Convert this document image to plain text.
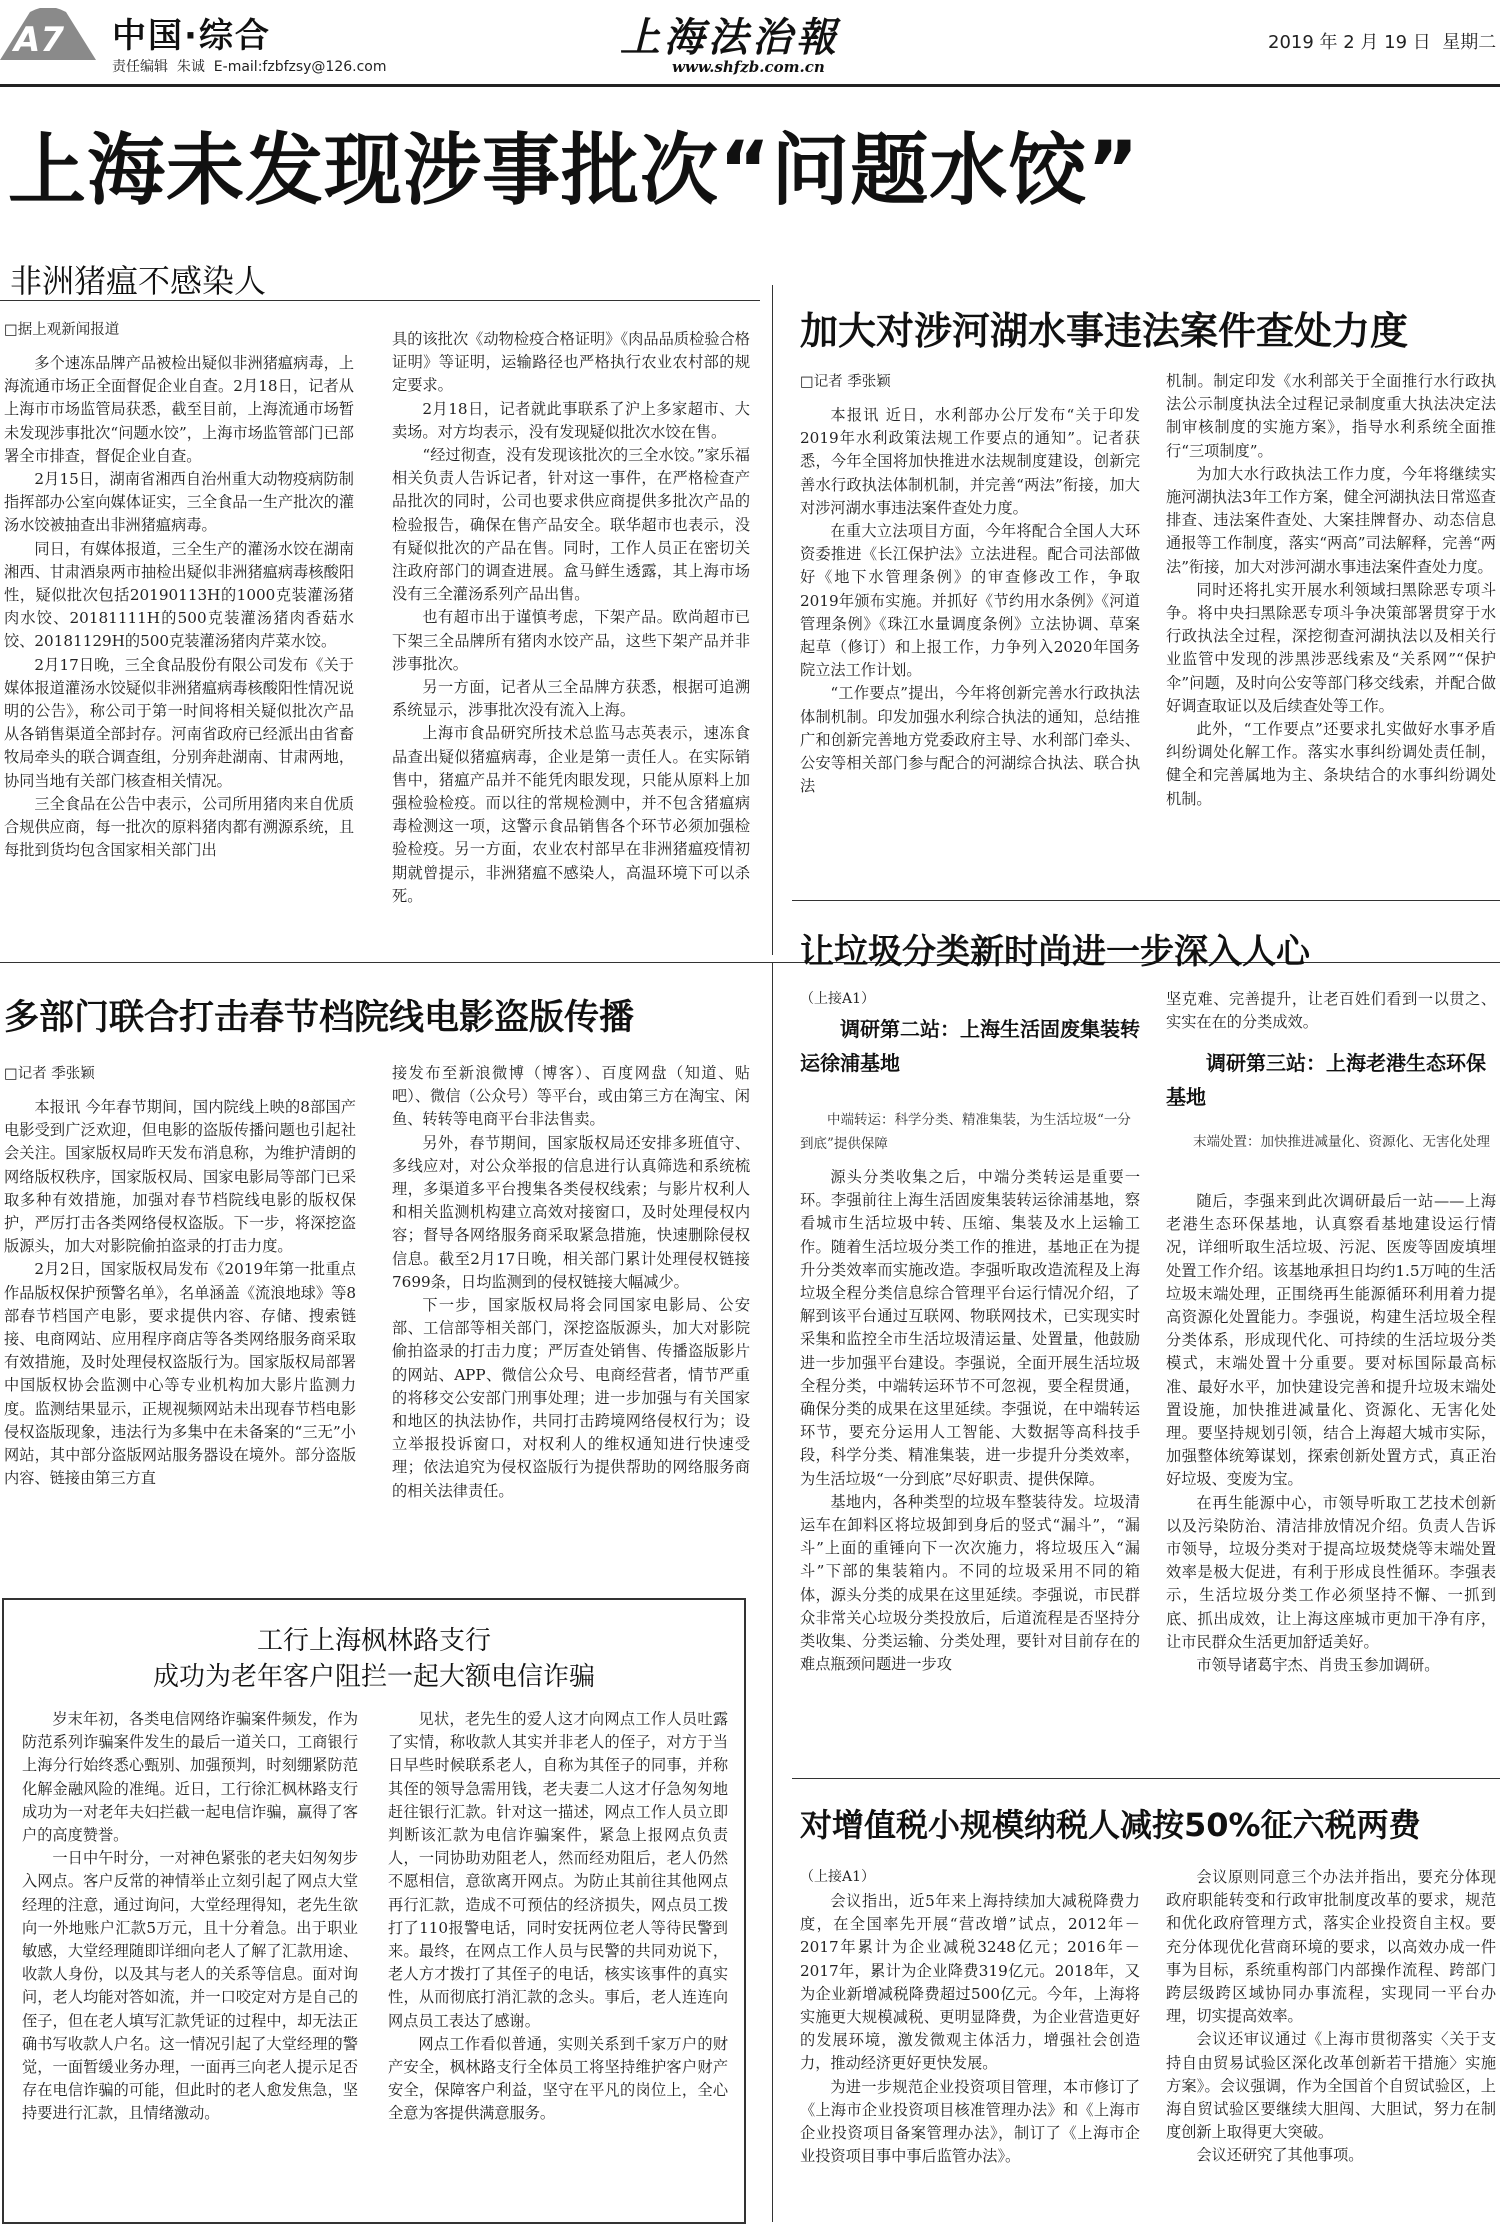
A7 中国·综合
责任编辑  朱诚  E-mail:fzbfzsy@126.com
上海法治報
www.shfzb.com.cn
2019 年 2 月 19 日  星期二
上海未发现涉事批次“问题水饺”
非洲猪瘟不感染人
□据上观新闻报道

多个速冻品牌产品被检出疑似非洲猪瘟病毒，上海流通市场正全面督促企业自查。2月18日，记者从上海市市场监管局获悉，截至目前，上海流通市场暂未发现涉事批次“问题水饺”，上海市场监管部门已部署全市排查，督促企业自查。

2月15日，湖南省湘西自治州重大动物疫病防制指挥部办公室向媒体证实，三全食品一生产批次的灌汤水饺被抽查出非洲猪瘟病毒。

同日，有媒体报道，三全生产的灌汤水饺在湖南湘西、甘肃酒泉两市抽检出疑似非洲猪瘟病毒核酸阳性，疑似批次包括20190113H的1000克装灌汤猪肉水饺、20181111H的500克装灌汤猪肉香菇水饺、20181129H的500克装灌汤猪肉芹菜水饺。

2月17日晚，三全食品股份有限公司发布《关于媒体报道灌汤水饺疑似非洲猪瘟病毒核酸阳性情况说明的公告》，称公司于第一时间将相关疑似批次产品从各销售渠道全部封存。河南省政府已经派出由省畜牧局牵头的联合调查组，分别奔赴湖南、甘肃两地，协同当地有关部门核查相关情况。

三全食品在公告中表示，公司所用猪肉来自优质合规供应商，每一批次的原料猪肉都有溯源系统，且每批到货均包含国家相关部门出

具的该批次《动物检疫合格证明》《肉品品质检验合格证明》等证明，运输路径也严格执行农业农村部的规定要求。

2月18日，记者就此事联系了沪上多家超市、大卖场。对方均表示，没有发现疑似批次水饺在售。

“经过彻查，没有发现该批次的三全水饺。”家乐福相关负责人告诉记者，针对这一事件，在严格检查产品批次的同时，公司也要求供应商提供多批次产品的检验报告，确保在售产品安全。联华超市也表示，没有疑似批次的产品在售。同时，工作人员正在密切关注政府部门的调查进展。盒马鲜生透露，其上海市场没有三全灌汤系列产品出售。

也有超市出于谨慎考虑，下架产品。欧尚超市已下架三全品牌所有猪肉水饺产品，这些下架产品并非涉事批次。

另一方面，记者从三全品牌方获悉，根据可追溯系统显示，涉事批次没有流入上海。

上海市食品研究所技术总监马志英表示，速冻食品查出疑似猪瘟病毒，企业是第一责任人。在实际销售中，猪瘟产品并不能凭肉眼发现，只能从原料上加强检验检疫。而以往的常规检测中，并不包含猪瘟病毒检测这一项，这警示食品销售各个环节必须加强检验检疫。另一方面，农业农村部早在非洲猪瘟疫情初期就曾提示，非洲猪瘟不感染人，高温环境下可以杀死。

加大对涉河湖水事违法案件查处力度
□记者 季张颖

本报讯 近日，水利部办公厅发布“关于印发2019年水利政策法规工作要点的通知”。记者获悉，今年全国将加快推进水法规制度建设，创新完善水行政执法体制机制，并完善“两法”衔接，加大对涉河湖水事违法案件查处力度。

在重大立法项目方面，今年将配合全国人大环资委推进《长江保护法》立法进程。配合司法部做好《地下水管理条例》的审查修改工作，争取2019年颁布实施。并抓好《节约用水条例》《河道管理条例》《珠江水量调度条例》立法协调、草案起草（修订）和上报工作，力争列入2020年国务院立法工作计划。

“工作要点”提出，今年将创新完善水行政执法体制机制。印发加强水利综合执法的通知，总结推广和创新完善地方党委政府主导、水利部门牵头、公安等相关部门参与配合的河湖综合执法、联合执法

机制。制定印发《水利部关于全面推行水行政执法公示制度执法全过程记录制度重大执法决定法制审核制度的实施方案》，指导水利系统全面推行“三项制度”。

为加大水行政执法工作力度，今年将继续实施河湖执法3年工作方案，健全河湖执法日常巡查排查、违法案件查处、大案挂牌督办、动态信息通报等工作制度，落实“两高”司法解释，完善“两法”衔接，加大对涉河湖水事违法案件查处力度。

同时还将扎实开展水利领域扫黑除恶专项斗争。将中央扫黑除恶专项斗争决策部署贯穿于水行政执法全过程，深挖彻查河湖执法以及相关行业监管中发现的涉黑涉恶线索及“关系网”“保护伞”问题，及时向公安等部门移交线索，并配合做好调查取证以及后续查处等工作。

此外，“工作要点”还要求扎实做好水事矛盾纠纷调处化解工作。落实水事纠纷调处责任制，健全和完善属地为主、条块结合的水事纠纷调处机制。

多部门联合打击春节档院线电影盗版传播
□记者 季张颖

本报讯 今年春节期间，国内院线上映的8部国产电影受到广泛欢迎，但电影的盗版传播问题也引起社会关注。国家版权局昨天发布消息称，为维护清朗的网络版权秩序，国家版权局、国家电影局等部门已采取多种有效措施，加强对春节档院线电影的版权保护，严厉打击各类网络侵权盗版。下一步，将深挖盗版源头，加大对影院偷拍盗录的打击力度。

2月2日，国家版权局发布《2019年第一批重点作品版权保护预警名单》，名单涵盖《流浪地球》等8部春节档国产电影，要求提供内容、存储、搜索链接、电商网站、应用程序商店等各类网络服务商采取有效措施，及时处理侵权盗版行为。国家版权局部署中国版权协会监测中心等专业机构加大影片监测力度。监测结果显示，正规视频网站未出现春节档电影侵权盗版现象，违法行为多集中在未备案的“三无”小网站，其中部分盗版网站服务器设在境外。部分盗版内容、链接由第三方直

接发布至新浪微博（博客）、百度网盘（知道、贴吧）、微信（公众号）等平台，或由第三方在淘宝、闲鱼、转转等电商平台非法售卖。

另外，春节期间，国家版权局还安排多班值守、多线应对，对公众举报的信息进行认真筛选和系统梳理，多渠道多平台搜集各类侵权线索；与影片权利人和相关监测机构建立高效对接窗口，及时处理侵权内容；督导各网络服务商采取紧急措施，快速删除侵权信息。截至2月17日晚，相关部门累计处理侵权链接7699条，日均监测到的侵权链接大幅减少。

下一步，国家版权局将会同国家电影局、公安部、工信部等相关部门，深挖盗版源头，加大对影院偷拍盗录的打击力度；严厉查处销售、传播盗版影片的网站、APP、微信公众号、电商经营者，情节严重的将移交公安部门刑事处理；进一步加强与有关国家和地区的执法协作，共同打击跨境网络侵权行为；设立举报投诉窗口，对权利人的维权通知进行快速受理；依法追究为侵权盗版行为提供帮助的网络服务商的相关法律责任。

工行上海枫林路支行
成功为老年客户阻拦一起大额电信诈骗

岁末年初，各类电信网络诈骗案件频发，作为防范系列诈骗案件发生的最后一道关口，工商银行上海分行始终悉心甄别、加强预判，时刻绷紧防范化解金融风险的准绳。近日，工行徐汇枫林路支行成功为一对老年夫妇拦截一起电信诈骗，赢得了客户的高度赞誉。

一日中午时分，一对神色紧张的老夫妇匆匆步入网点。客户反常的神情举止立刻引起了网点大堂经理的注意，通过询问，大堂经理得知，老先生欲向一外地账户汇款5万元，且十分着急。出于职业敏感，大堂经理随即详细向老人了解了汇款用途、收款人身份，以及其与老人的关系等信息。面对询问，老人均能对答如流，并一口咬定对方是自己的侄子，但在老人填写汇款凭证的过程中，却无法正确书写收款人户名。这一情况引起了大堂经理的警觉，一面暂缓业务办理，一面再三向老人提示足否存在电信诈骗的可能，但此时的老人愈发焦急，坚持要进行汇款，且情绪激动。

见状，老先生的爱人这才向网点工作人员吐露了实情，称收款人其实并非老人的侄子，对方于当日早些时候联系老人，自称为其侄子的同事，并称其侄的领导急需用钱，老夫妻二人这才仔急匆匆地赶往银行汇款。针对这一描述，网点工作人员立即判断该汇款为电信诈骗案件，紧急上报网点负责人，一同协助劝阻老人，然而经劝阻后，老人仍然不愿相信，意欲离开网点。为防止其前往其他网点再行汇款，造成不可预估的经济损失，网点员工拨打了110报警电话，同时安抚两位老人等待民警到来。最终，在网点工作人员与民警的共同劝说下，老人方才拨打了其侄子的电话，核实该事件的真实性，从而彻底打消汇款的念头。事后，老人连连向网点员工表达了感谢。

网点工作看似普通，实则关系到千家万户的财产安全，枫林路支行全体员工将坚持维护客户财产安全，保障客户利益，坚守在平凡的岗位上，全心全意为客提供满意服务。

让垃圾分类新时尚进一步深入人心
（上接A1）
调研第二站：上海生活固废集装转运徐浦基地
中端转运：科学分类、精准集装，为生活垃圾“一分到底”提供保障

源头分类收集之后，中端分类转运是重要一环。李强前往上海生活固废集装转运徐浦基地，察看城市生活垃圾中转、压缩、集装及水上运输工作。随着生活垃圾分类工作的推进，基地正在为提升分类效率而实施改造。李强听取改造流程及上海垃圾全程分类信息综合管理平台运行情况介绍，了解到该平台通过互联网、物联网技术，已实现实时采集和监控全市生活垃圾清运量、处置量，他鼓励进一步加强平台建设。李强说，全面开展生活垃圾全程分类，中端转运环节不可忽视，要全程贯通，确保分类的成果在这里延续。李强说，在中端转运环节，要充分运用人工智能、大数据等高科技手段，科学分类、精准集装，进一步提升分类效率，为生活垃圾“一分到底”尽好职责、提供保障。

基地内，各种类型的垃圾车整装待发。垃圾清运车在卸料区将垃圾卸到身后的竖式“漏斗”，“漏斗”上面的重锤向下一次次施力，将垃圾压入“漏斗”下部的集装箱内。不同的垃圾采用不同的箱体，源头分类的成果在这里延续。李强说，市民群众非常关心垃圾分类投放后，后道流程是否坚持分类收集、分类运输、分类处理，要针对目前存在的难点瓶颈问题进一步攻

坚克难、完善提升，让老百姓们看到一以贯之、实实在在的分类成效。

调研第三站：上海老港生态环保基地
末端处置：加快推进减量化、资源化、无害化处理

随后，李强来到此次调研最后一站——上海老港生态环保基地，认真察看基地建设运行情况，详细听取生活垃圾、污泥、医废等固废填埋处置工作介绍。该基地承担日均约1.5万吨的生活垃圾末端处理，正围绕再生能源循环利用着力提高资源化处置能力。李强说，构建生活垃圾全程分类体系，形成现代化、可持续的生活垃圾分类模式，末端处置十分重要。要对标国际最高标准、最好水平，加快建设完善和提升垃圾末端处置设施，加快推进减量化、资源化、无害化处理。要坚持规划引领，结合上海超大城市实际，加强整体统筹谋划，探索创新处置方式，真正治好垃圾、变废为宝。

在再生能源中心，市领导听取工艺技术创新以及污染防治、清洁排放情况介绍。负责人告诉市领导，垃圾分类对于提高垃圾焚烧等末端处置效率是极大促进，有利于形成良性循环。李强表示，生活垃圾分类工作必须坚持不懈、一抓到底、抓出成效，让上海这座城市更加干净有序，让市民群众生活更加舒适美好。

市领导诸葛宇杰、肖贵玉参加调研。

对增值税小规模纳税人减按50%征六税两费
（上接A1）

会议指出，近5年来上海持续加大减税降费力度，在全国率先开展“营改增”试点，2012年－2017年累计为企业减税3248亿元；2016年－2017年，累计为企业降费319亿元。2018年，又为企业新增减税降费超过500亿元。今年，上海将实施更大规模减税、更明显降费，为企业营造更好的发展环境，激发微观主体活力，增强社会创造力，推动经济更好更快发展。

为进一步规范企业投资项目管理，本市修订了《上海市企业投资项目核准管理办法》和《上海市企业投资项目备案管理办法》，制订了《上海市企业投资项目事中事后监管办法》。

会议原则同意三个办法并指出，要充分体现政府职能转变和行政审批制度改革的要求，规范和优化政府管理方式，落实企业投资自主权。要充分体现优化营商环境的要求，以高效办成一件事为目标，系统重构部门内部操作流程、跨部门跨层级跨区域协同办事流程，实现同一平台办理，切实提高效率。

会议还审议通过《上海市贯彻落实〈关于支持自由贸易试验区深化改革创新若干措施〉实施方案》。会议强调，作为全国首个自贸试验区，上海自贸试验区要继续大胆闯、大胆试，努力在制度创新上取得更大突破。

会议还研究了其他事项。
